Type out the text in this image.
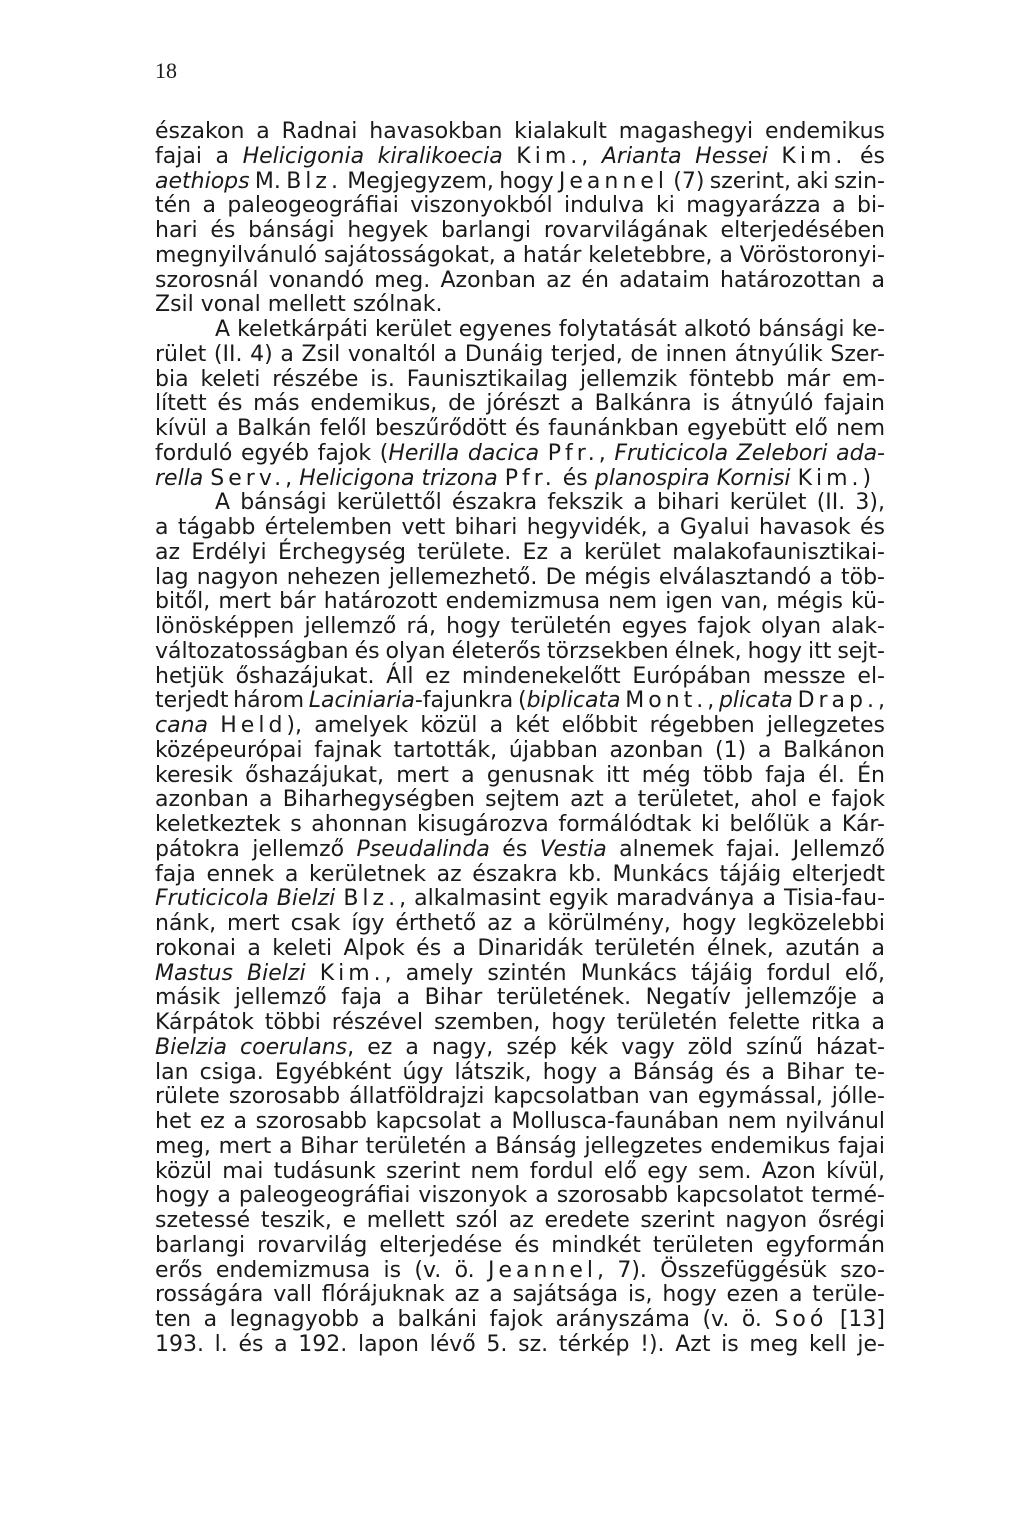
18
északon a Radnai havasokban kialakult magashegyi endemikus
fajai a Helicigonia kiralikoecia Kim., Arianta Hessei Kim. és
aethiops M. Blz. Megjegyzem, hogy Jeannel (7) szerint, aki szin-
tén a paleogeográfiai viszonyokból indulva ki magyarázza a bi-
hari és bánsági hegyek barlangi rovarvilágának elterjedésében
megnyilvánuló sajátosságokat, a határ keletebbre, a Vöröstoronyi-
szorosnál vonandó meg. Azonban az én adataim határozottan a
Zsil vonal mellett szólnak.
A keletkárpáti kerület egyenes folytatását alkotó bánsági ke-
rület (II. 4) a Zsil vonaltól a Dunáig terjed, de innen átnyúlik Szer-
bia keleti részébe is. Faunisztikailag jellemzik föntebb már em-
lített és más endemikus, de jórészt a Balkánra is átnyúló fajain
kívül a Balkán felől beszűrődött és faunánkban egyebütt elő nem
forduló egyéb fajok (Herilla dacica Pfr., Fruticicola Zelebori ada-
rella Serv., Helicigona trizona Pfr. és planospira Kornisi Kim.)
A bánsági kerülettől északra fekszik a bihari kerület (II. 3),
a tágabb értelemben vett bihari hegyvidék, a Gyalui havasok és
az Erdélyi Érchegység területe. Ez a kerület malakofaunisztikai-
lag nagyon nehezen jellemezhető. De mégis elválasztandó a töb-
bitől, mert bár határozott endemizmusa nem igen van, mégis kü-
lönösképpen jellemző rá, hogy területén egyes fajok olyan alak-
változatosságban és olyan életerős törzsekben élnek, hogy itt sejt-
hetjük őshazájukat. Áll ez mindenekelőtt Európában messze el-
terjedt három Laciniaria-fajunkra (biplicata Mont., plicata Drap.,
cana Held), amelyek közül a két előbbit régebben jellegzetes
középeurópai fajnak tartották, újabban azonban (1) a Balkánon
keresik őshazájukat, mert a genusnak itt még több faja él. Én
azonban a Biharhegységben sejtem azt a területet, ahol e fajok
keletkeztek s ahonnan kisugározva formálódtak ki belőlük a Kár-
pátokra jellemző Pseudalinda és Vestia alnemek fajai. Jellemző
faja ennek a kerületnek az északra kb. Munkács tájáig elterjedt
Fruticicola Bielzi Blz., alkalmasint egyik maradványa a Tisia-fau-
nánk, mert csak így érthető az a körülmény, hogy legközelebbi
rokonai a keleti Alpok és a Dinaridák területén élnek, azután a
Mastus Bielzi Kim., amely szintén Munkács tájáig fordul elő,
másik jellemző faja a Bihar területének. Negatív jellemzője a
Kárpátok többi részével szemben, hogy területén felette ritka a
Bielzia coerulans, ez a nagy, szép kék vagy zöld színű házat-
lan csiga. Egyébként úgy látszik, hogy a Bánság és a Bihar te-
rülete szorosabb állatföldrajzi kapcsolatban van egymással, jólle-
het ez a szorosabb kapcsolat a Mollusca-faunában nem nyilvánul
meg, mert a Bihar területén a Bánság jellegzetes endemikus fajai
közül mai tudásunk szerint nem fordul elő egy sem. Azon kívül,
hogy a paleogeográfiai viszonyok a szorosabb kapcsolatot termé-
szetessé teszik, e mellett szól az eredete szerint nagyon ősrégi
barlangi rovarvilág elterjedése és mindkét területen egyformán
erős endemizmusa is (v. ö. Jeannel, 7). Összefüggésük szo-
rosságára vall flórájuknak az a sajátsága is, hogy ezen a terüle-
ten a legnagyobb a balkáni fajok arányszáma (v. ö. Soó [13]
193. l. és a 192. lapon lévő 5. sz. térkép !). Azt is meg kell je-
